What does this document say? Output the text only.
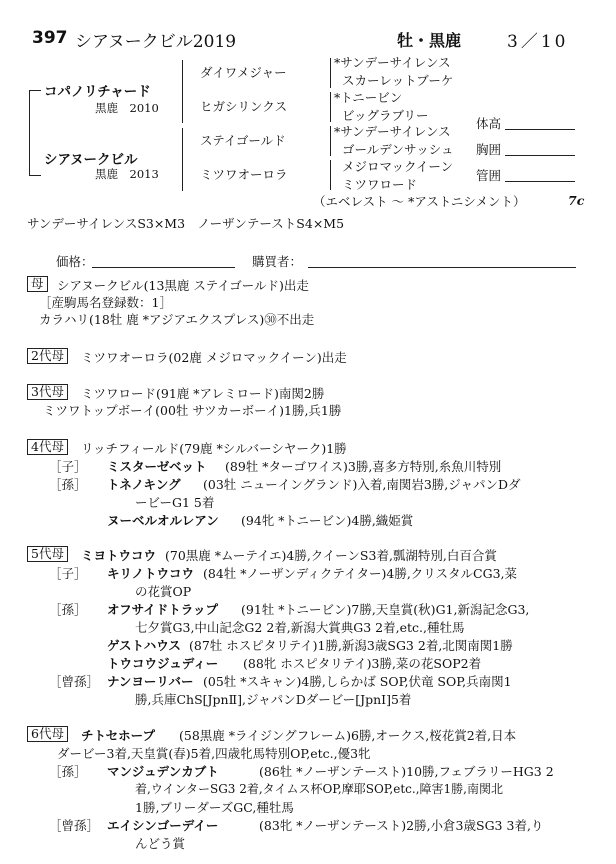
397 シアヌークビル2019	牡・黒鹿	3／10
コパノリチャード
黒鹿　2010
シアヌークビル
黒鹿　2013
ダイワメジャー
ヒガシリンクス
ステイゴールド
ミツワオーロラ
*サンデーサイレンス
スカーレットブーケ
*トニービン
ビッグラブリー
*サンデーサイレンス
ゴールデンサッシュ
メジロマックイーン
ミツワロード
（エベレスト ～ *アストニシメント）	7c
サンデーサイレンスS3×M3　ノーザンテーストS4×M5
体高
胸囲
管囲
価格：	購買者：
母	シアヌークビル(13黒鹿 ステイゴールド)出走
［産駒馬名登録数：1］
カラハリ(18牡 鹿 *アジアエクスプレス)㉚不出走
2代母	ミツワオーロラ(02鹿 メジロマックイーン)出走
3代母	ミツワロード(91鹿 *アレミロード)南関2勝
ミツワトップボーイ(00牡 サツカーボーイ)1勝,兵1勝
4代母	リッチフィールド(79鹿 *シルバーシヤーク)1勝
［子］ ミスターゼベット (89牡 *ターゴワイス)3勝,喜多方特別,糸魚川特別
［孫］ トネノキング (03牡 ニューイングランド)入着,南関岩3勝,ジャパンDダ
ービーG1 5着
ヌーベルオルレアン (94牝 *トニービン)4勝,織姫賞
5代母	ミヨトウコウ (70黒鹿 *ムーテイエ)4勝,クイーンS3着,瓢湖特別,白百合賞
［子］ キリノトウコウ (84牡 *ノーザンディクテイター)4勝,クリスタルCG3,菜
の花賞OP
［孫］ オフサイドトラップ (91牡 *トニービン)7勝,天皇賞(秋)G1,新潟記念G3,
七夕賞G3,中山記念G2 2着,新潟大賞典G3 2着,etc.,種牡馬
ゲストハウス (87牡 ホスピタリテイ)1勝,新潟3歳SG3 2着,北関南関1勝
トウコウジュディー (88牝 ホスピタリテイ)3勝,菜の花SOP2着
［曾孫］ ナンヨーリバー (05牡 *スキャン)4勝,しらかば SOP,伏竜 SOP,兵南関1
勝,兵庫ChS[JpnⅡ],ジャパンDダービー[JpnⅠ]5着
6代母	チトセホープ (58黒鹿 *ライジングフレーム)6勝,オークス,桜花賞2着,日本
ダービー3着,天皇賞(春)5着,四歳牝馬特別OP,etc.,優3牝
［孫］ マンジュデンカブト	(86牡 *ノーザンテースト)10勝,フェブラリーHG3 2
着,ウインターSG3 2着,タイムス杯OP,摩耶SOP,etc.,障害1勝,南関北
1勝,ブリーダーズGC,種牡馬
［曾孫］ エイシンゴーデイー	(83牝 *ノーザンテースト)2勝,小倉3歳SG3 3着,り
んどう賞
